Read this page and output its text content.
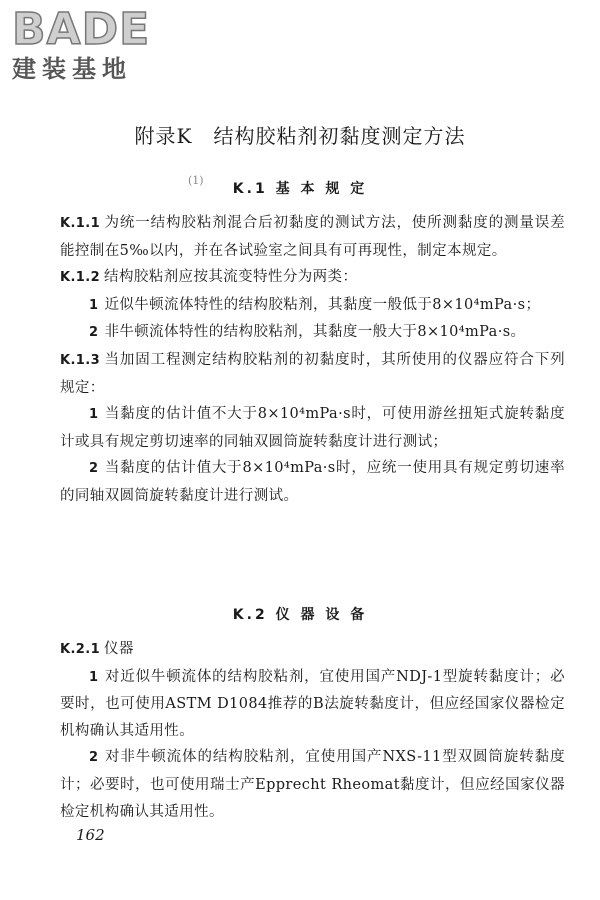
BADE
建装基地
附录K　结构胶粘剂初黏度测定方法
(1)
K.1 基 本 规 定

K.1.1 为统一结构胶粘剂混合后初黏度的测试方法，使所测黏度的测量误差能控制在5‰以内，并在各试验室之间具有可再现性，制定本规定。

K.1.2 结构胶粘剂应按其流变特性分为两类：

1 近似牛顿流体特性的结构胶粘剂，其黏度一般低于8×10⁴mPa·s；

2 非牛顿流体特性的结构胶粘剂，其黏度一般大于8×10⁴mPa·s。

K.1.3 当加固工程测定结构胶粘剂的初黏度时，其所使用的仪器应符合下列规定：

1 当黏度的估计值不大于8×10⁴mPa·s时，可使用游丝扭矩式旋转黏度计或具有规定剪切速率的同轴双圆筒旋转黏度计进行测试；

2 当黏度的估计值大于8×10⁴mPa·s时，应统一使用具有规定剪切速率的同轴双圆筒旋转黏度计进行测试。

K.2 仪 器 设 备

K.2.1 仪器

1 对近似牛顿流体的结构胶粘剂，宜使用国产NDJ-1型旋转黏度计；必要时，也可使用ASTM D1084推荐的B法旋转黏度计，但应经国家仪器检定机构确认其适用性。

2 对非牛顿流体的结构胶粘剂，宜使用国产NXS-11型双圆筒旋转黏度计；必要时，也可使用瑞士产Epprecht Rheomat黏度计，但应经国家仪器检定机构确认其适用性。

162
